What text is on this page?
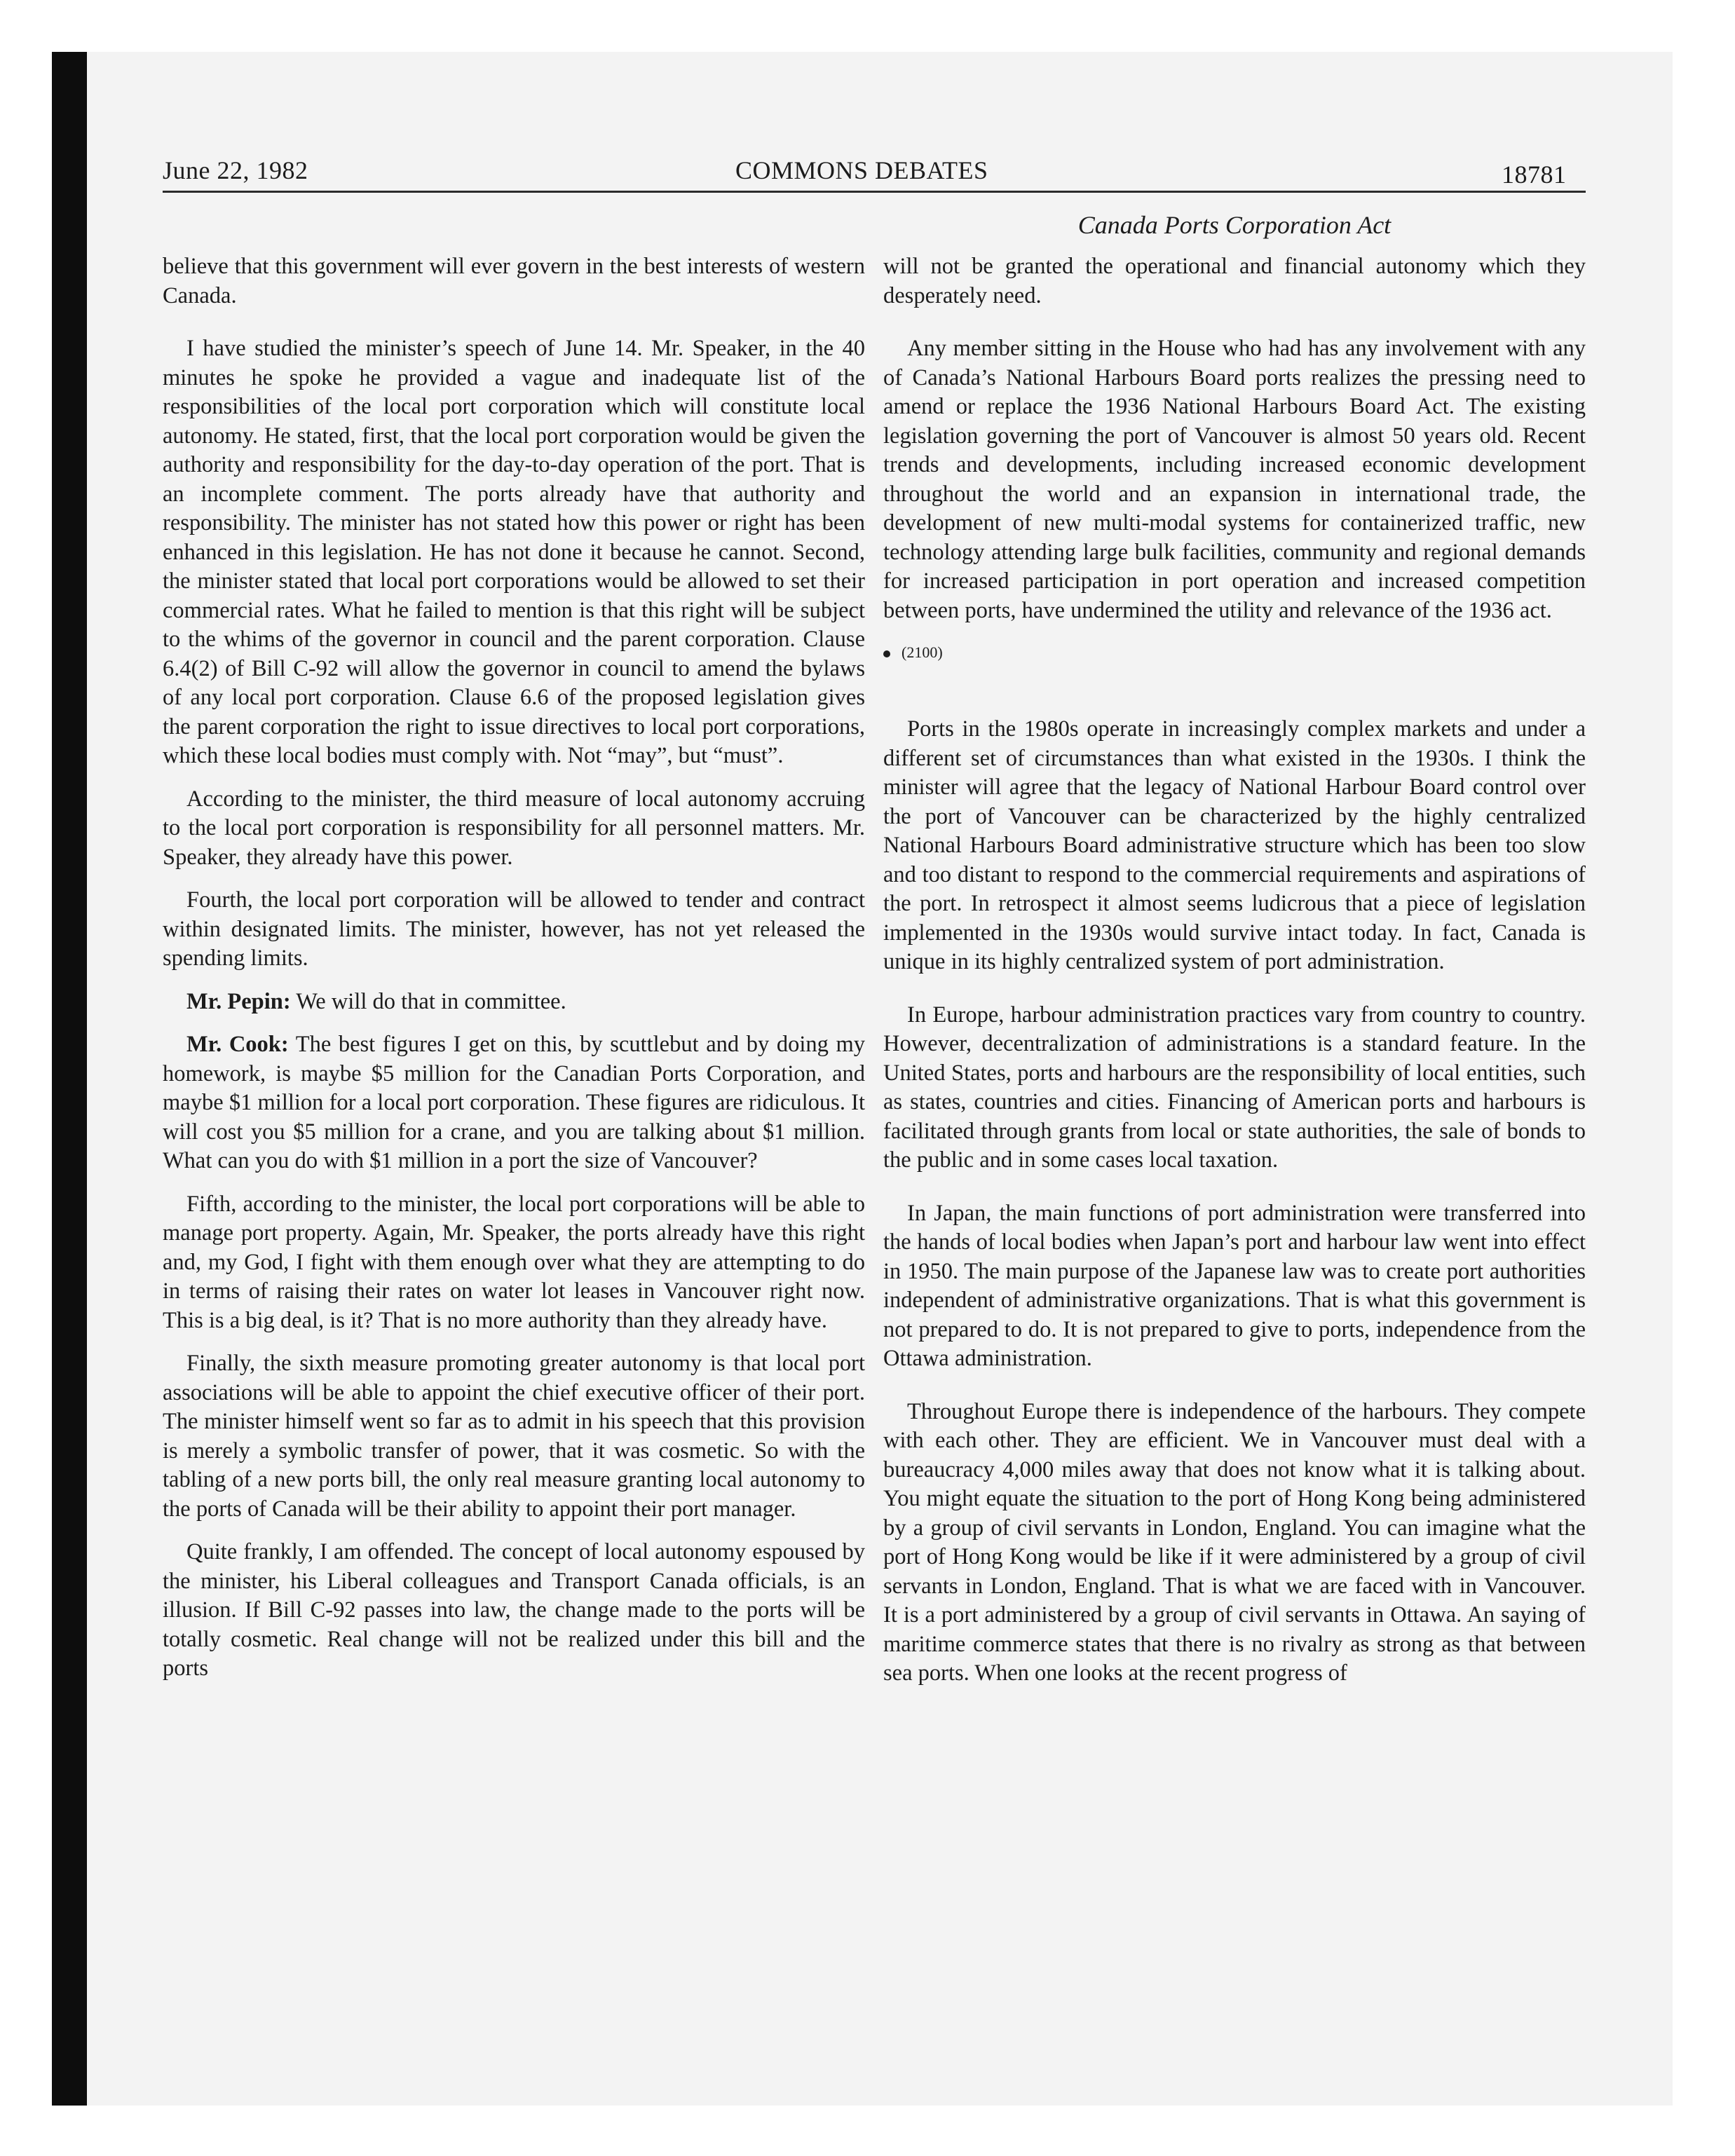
June 22, 1982	COMMONS DEBATES	18781
Canada Ports Corporation Act

believe that this government will ever govern in the best interests of western Canada.

I have studied the minister’s speech of June 14. Mr. Speaker, in the 40 minutes he spoke he provided a vague and inadequate list of the responsibilities of the local port corporation which will constitute local autonomy. He stated, first, that the local port corporation would be given the authority and responsibility for the day-to-day operation of the port. That is an incomplete comment. The ports already have that authority and responsibility. The minister has not stated how this power or right has been enhanced in this legislation. He has not done it because he cannot. Second, the minister stated that local port corporations would be allowed to set their commercial rates. What he failed to mention is that this right will be subject to the whims of the governor in council and the parent corporation. Clause 6.4(2) of Bill C-92 will allow the governor in council to amend the bylaws of any local port corporation. Clause 6.6 of the proposed legislation gives the parent corporation the right to issue directives to local port corporations, which these local bodies must comply with. Not “may”, but “must”.

According to the minister, the third measure of local autonomy accruing to the local port corporation is responsibility for all personnel matters. Mr. Speaker, they already have this power.

Fourth, the local port corporation will be allowed to tender and contract within designated limits. The minister, however, has not yet released the spending limits.

Mr. Pepin: We will do that in committee.

Mr. Cook: The best figures I get on this, by scuttlebut and by doing my homework, is maybe $5 million for the Canadian Ports Corporation, and maybe $1 million for a local port corporation. These figures are ridiculous. It will cost you $5 million for a crane, and you are talking about $1 million. What can you do with $1 million in a port the size of Vancouver?

Fifth, according to the minister, the local port corporations will be able to manage port property. Again, Mr. Speaker, the ports already have this right and, my God, I fight with them enough over what they are attempting to do in terms of raising their rates on water lot leases in Vancouver right now. This is a big deal, is it? That is no more authority than they already have.

Finally, the sixth measure promoting greater autonomy is that local port associations will be able to appoint the chief executive officer of their port. The minister himself went so far as to admit in his speech that this provision is merely a symbolic transfer of power, that it was cosmetic. So with the tabling of a new ports bill, the only real measure granting local autonomy to the ports of Canada will be their ability to appoint their port manager.

Quite frankly, I am offended. The concept of local autonomy espoused by the minister, his Liberal colleagues and Transport Canada officials, is an illusion. If Bill C-92 passes into law, the change made to the ports will be totally cosmetic. Real change will not be realized under this bill and the ports

will not be granted the operational and financial autonomy which they desperately need.

Any member sitting in the House who had has any involvement with any of Canada’s National Harbours Board ports realizes the pressing need to amend or replace the 1936 National Harbours Board Act. The existing legislation governing the port of Vancouver is almost 50 years old. Recent trends and developments, including increased economic development throughout the world and an expansion in international trade, the development of new multi-modal systems for containerized traffic, new technology attending large bulk facilities, community and regional demands for increased participation in port operation and increased competition between ports, have undermined the utility and relevance of the 1936 act.

(2100)

Ports in the 1980s operate in increasingly complex markets and under a different set of circumstances than what existed in the 1930s. I think the minister will agree that the legacy of National Harbour Board control over the port of Vancouver can be characterized by the highly centralized National Harbours Board administrative structure which has been too slow and too distant to respond to the commercial requirements and aspirations of the port. In retrospect it almost seems ludicrous that a piece of legislation implemented in the 1930s would survive intact today. In fact, Canada is unique in its highly centralized system of port administration.

In Europe, harbour administration practices vary from country to country. However, decentralization of administrations is a standard feature. In the United States, ports and harbours are the responsibility of local entities, such as states, countries and cities. Financing of American ports and harbours is facilitated through grants from local or state authorities, the sale of bonds to the public and in some cases local taxation.

In Japan, the main functions of port administration were transferred into the hands of local bodies when Japan’s port and harbour law went into effect in 1950. The main purpose of the Japanese law was to create port authorities independent of administrative organizations. That is what this government is not prepared to do. It is not prepared to give to ports, independence from the Ottawa administration.

Throughout Europe there is independence of the harbours. They compete with each other. They are efficient. We in Vancouver must deal with a bureaucracy 4,000 miles away that does not know what it is talking about. You might equate the situation to the port of Hong Kong being administered by a group of civil servants in London, England. You can imagine what the port of Hong Kong would be like if it were administered by a group of civil servants in London, England. That is what we are faced with in Vancouver. It is a port administered by a group of civil servants in Ottawa. An saying of maritime commerce states that there is no rivalry as strong as that between sea ports. When one looks at the recent progress of
